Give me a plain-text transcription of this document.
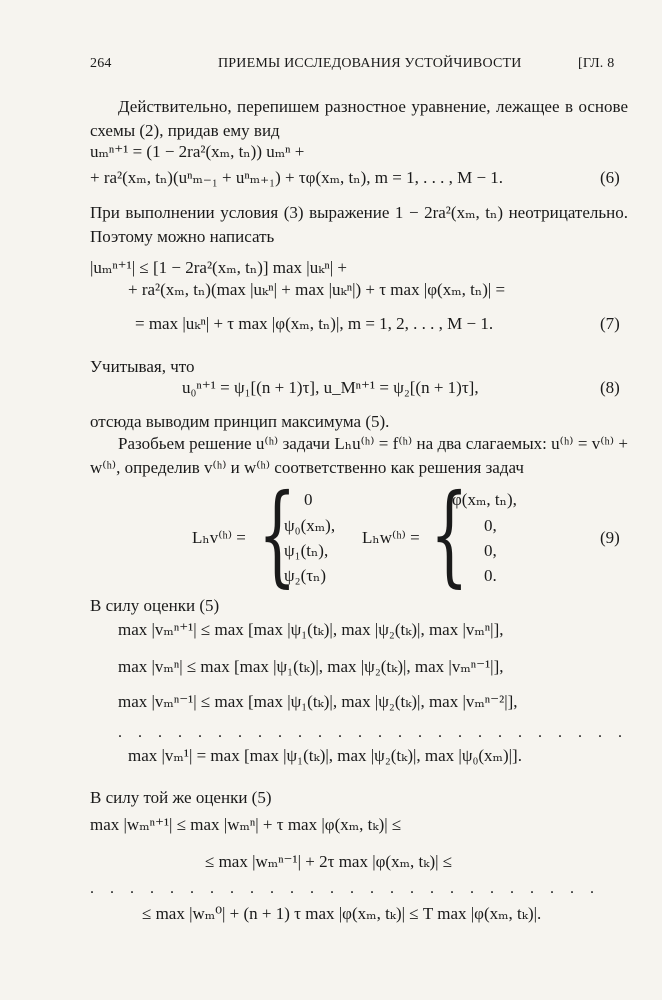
264	ПРИЕМЫ ИССЛЕДОВАНИЯ УСТОЙЧИВОСТИ	[ГЛ. 8
Действительно, перепишем разностное уравнение, лежащее в основе схемы (2), придав ему вид
uₘⁿ⁺¹ = (1 − 2ra²(xₘ, tₙ)) uₘⁿ +
+ ra²(xₘ, tₙ)(uⁿₘ₋₁ + uⁿₘ₊₁) + τφ(xₘ, tₙ), m = 1, . . . , M − 1.	(6)
При выполнении условия (3) выражение 1 − 2ra²(xₘ, tₙ) неотрицательно. Поэтому можно написать
|uₘⁿ⁺¹| ≤ [1 − 2ra²(xₘ, tₙ)] max |uₖⁿ| +
+ ra²(xₘ, tₙ)(max |uₖⁿ| + max |uₖⁿ|) + τ max |φ(xₘ, tₙ)| =
= max |uₖⁿ| + τ max |φ(xₘ, tₙ)|, m = 1, 2, . . . , M − 1.	(7)
Учитывая, что
u₀ⁿ⁺¹ = ψ₁[(n + 1)τ], u_Mⁿ⁺¹ = ψ₂[(n + 1)τ],	(8)
отсюда выводим принцип максимума (5).
Разобьем решение u⁽ʰ⁾ задачи Lₕu⁽ʰ⁾ = f⁽ʰ⁾ на два слагаемых: u⁽ʰ⁾ = v⁽ʰ⁾ + w⁽ʰ⁾, определив v⁽ʰ⁾ и w⁽ʰ⁾ соответственно как решения задач
Lₕv⁽ʰ⁾ = { 0
ψ₀(xₘ),
ψ₁(tₙ),
ψ₂(τₙ)
Lₕw⁽ʰ⁾ = {
φ(xₘ, tₙ),
0,
0,
0.
(9)
В силу оценки (5)
max |vₘⁿ⁺¹| ≤ max [max |ψ₁(tₖ)|, max |ψ₂(tₖ)|, max |vₘⁿ|],
max |vₘⁿ| ≤ max [max |ψ₁(tₖ)|, max |ψ₂(tₖ)|, max |vₘⁿ⁻¹|],
max |vₘⁿ⁻¹| ≤ max [max |ψ₁(tₖ)|, max |ψ₂(tₖ)|, max |vₘⁿ⁻²|],
. . . . . . . . . . . . . . . . . . . . . . . . . .
max |vₘ¹| = max [max |ψ₁(tₖ)|, max |ψ₂(tₖ)|, max |ψ₀(xₘ)|].
В силу той же оценки (5)
max |wₘⁿ⁺¹| ≤ max |wₘⁿ| + τ max |φ(xₘ, tₖ)| ≤
≤ max |wₘⁿ⁻¹| + 2τ max |φ(xₘ, tₖ)| ≤
. . . . . . . . . . . . . . . . . . . . . . . . . .
≤ max |wₘ⁰| + (n + 1) τ max |φ(xₘ, tₖ)| ≤ T max |φ(xₘ, tₖ)|.
